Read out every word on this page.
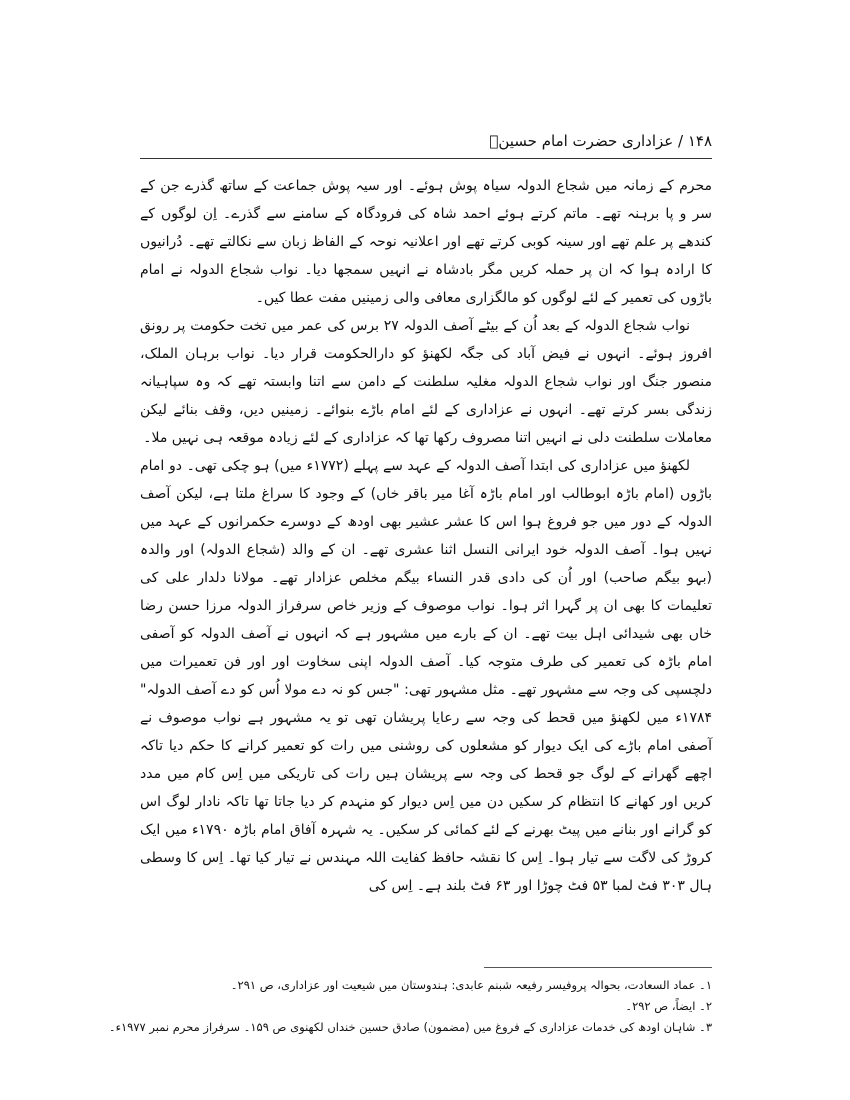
۱۴۸ / عزاداری حضرت امام حسینؑ

محرم کے زمانہ میں شجاع الدولہ سیاہ پوش ہوئے۔ اور سیہ پوش جماعت کے ساتھ گذرے جن کے سر و پا برہنہ تھے۔ ماتم کرتے ہوئے احمد شاہ کی فرودگاہ کے سامنے سے گذرے۔ اِن لوگوں کے کندھے پر علم تھے اور سینہ کوبی کرتے تھے اور اعلانیہ نوحہ کے الفاظ زبان سے نکالتے تھے۔ دُرانیوں کا ارادہ ہوا کہ ان پر حملہ کریں مگر بادشاہ نے انہیں سمجھا دیا۔ نواب شجاع الدولہ نے امام باڑوں کی تعمیر کے لئے لوگوں کو مالگزاری معافی والی زمینیں مفت عطا کیں۔

نواب شجاع الدولہ کے بعد اُن کے بیٹے آصف الدولہ ۲۷ برس کی عمر میں تخت حکومت پر رونق افروز ہوئے۔ انہوں نے فیض آباد کی جگہ لکھنؤ کو دارالحکومت قرار دیا۔ نواب برہان الملک، منصور جنگ اور نواب شجاع الدولہ مغلیہ سلطنت کے دامن سے اتنا وابستہ تھے کہ وہ سپاہیانہ زندگی بسر کرتے تھے۔ انہوں نے عزاداری کے لئے امام باڑے بنوائے۔ زمینیں دیں، وقف بنائے لیکن معاملات سلطنت دلی نے انہیں اتنا مصروف رکھا تھا کہ عزاداری کے لئے زیادہ موقعہ ہی نہیں ملا۔

لکھنؤ میں عزاداری کی ابتدا آصف الدولہ کے عہد سے پہلے (۱۷۷۲ء میں) ہو چکی تھی۔ دو امام باڑوں (امام باڑہ ابوطالب اور امام باڑہ آغا میر باقر خاں) کے وجود کا سراغ ملتا ہے، لیکن آصف الدولہ کے دور میں جو فروغ ہوا اس کا عشر عشیر بھی اودھ کے دوسرے حکمرانوں کے عہد میں نہیں ہوا۔ آصف الدولہ خود ایرانی النسل اثنا عشری تھے۔ ان کے والد (شجاع الدولہ) اور والدہ (بہو بیگم صاحب) اور اُن کی دادی قدر النساء بیگم مخلص عزادار تھے۔ مولانا دلدار علی کی تعلیمات کا بھی ان پر گہرا اثر ہوا۔ نواب موصوف کے وزیر خاص سرفراز الدولہ مرزا حسن رضا خاں بھی شیدائی اہل بیت تھے۔ ان کے بارے میں مشہور ہے کہ انہوں نے آصف الدولہ کو آصفی امام باڑہ کی تعمیر کی طرف متوجہ کیا۔ آصف الدولہ اپنی سخاوت اور اور فن تعمیرات میں دلچسپی کی وجہ سے مشہور تھے۔ مثل مشہور تھی: "جس کو نہ دے مولا اُس کو دے آصف الدولہ" ۱۷۸۴ء میں لکھنؤ میں قحط کی وجہ سے رعایا پریشان تھی تو یہ مشہور ہے نواب موصوف نے آصفی امام باڑے کی ایک دیوار کو مشعلوں کی روشنی میں رات کو تعمیر کرانے کا حکم دیا تاکہ اچھے گھرانے کے لوگ جو قحط کی وجہ سے پریشان ہیں رات کی تاریکی میں اِس کام میں مدد کریں اور کھانے کا انتظام کر سکیں دن میں اِس دیوار کو منہدم کر دیا جاتا تھا تاکہ نادار لوگ اس کو گرانے اور بنانے میں پیٹ بھرنے کے لئے کمائی کر سکیں۔ یہ شہرہ آفاق امام باڑہ ۱۷۹۰ء میں ایک کروڑ کی لاگت سے تیار ہوا۔ اِس کا نقشہ حافظ کفایت اللہ مہندس نے تیار کیا تھا۔ اِس کا وسطی ہال ۳۰۳ فٹ لمبا ۵۳ فٹ چوڑا اور ۶۳ فٹ بلند ہے۔ اِس کی

۱۔ عماد السعادت، بحوالہ پروفیسر رفیعہ شبنم عابدی: ہندوستان میں شیعیت اور عزاداری، ص ۲۹۱۔
۲۔ ایضاً، ص ۲۹۲۔
۳۔ شاہان اودھ کی خدمات عزاداری کے فروغ میں (مضمون) صادق حسین خنداں لکھنوی ص ۱۵۹۔ سرفراز محرم نمبر ۱۹۷۷ء۔
